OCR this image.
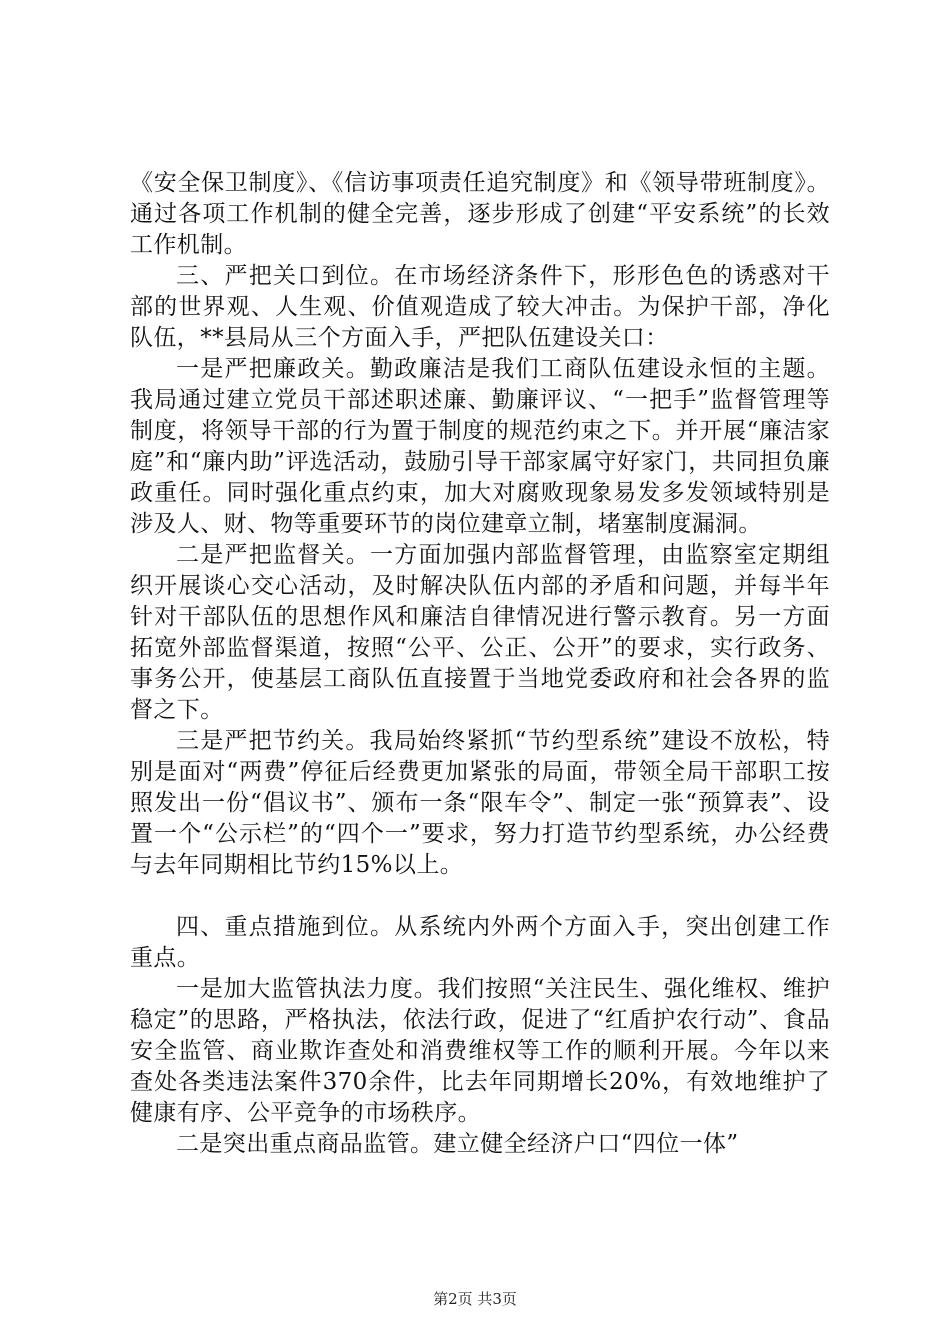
《安全保卫制度》、《信访事项责任追究制度》和《领导带班制度》。通过各项工作机制的健全完善，逐步形成了创建“平安系统”的长效工作机制。

三、严把关口到位。在市场经济条件下，形形色色的诱惑对干部的世界观、人生观、价值观造成了较大冲击。为保护干部，净化队伍，**县局从三个方面入手，严把队伍建设关口：

一是严把廉政关。勤政廉洁是我们工商队伍建设永恒的主题。我局通过建立党员干部述职述廉、勤廉评议、“一把手”监督管理等制度，将领导干部的行为置于制度的规范约束之下。并开展“廉洁家庭”和“廉内助”评选活动，鼓励引导干部家属守好家门，共同担负廉政重任。同时强化重点约束，加大对腐败现象易发多发领域特别是涉及人、财、物等重要环节的岗位建章立制，堵塞制度漏洞。

二是严把监督关。一方面加强内部监督管理，由监察室定期组织开展谈心交心活动，及时解决队伍内部的矛盾和问题，并每半年针对干部队伍的思想作风和廉洁自律情况进行警示教育。另一方面拓宽外部监督渠道，按照“公平、公正、公开”的要求，实行政务、事务公开，使基层工商队伍直接置于当地党委政府和社会各界的监督之下。

三是严把节约关。我局始终紧抓“节约型系统”建设不放松，特别是面对“两费”停征后经费更加紧张的局面，带领全局干部职工按照发出一份“倡议书”、颁布一条“限车令”、制定一张“预算表”、设置一个“公示栏”的“四个一”要求，努力打造节约型系统，办公经费与去年同期相比节约15%以上。

四、重点措施到位。从系统内外两个方面入手，突出创建工作重点。

一是加大监管执法力度。我们按照“关注民生、强化维权、维护稳定”的思路，严格执法，依法行政，促进了“红盾护农行动”、食品安全监管、商业欺诈查处和消费维权等工作的顺利开展。今年以来查处各类违法案件370余件，比去年同期增长20%，有效地维护了健康有序、公平竞争的市场秩序。

二是突出重点商品监管。建立健全经济户口“四位一体”

第2页 共3页
